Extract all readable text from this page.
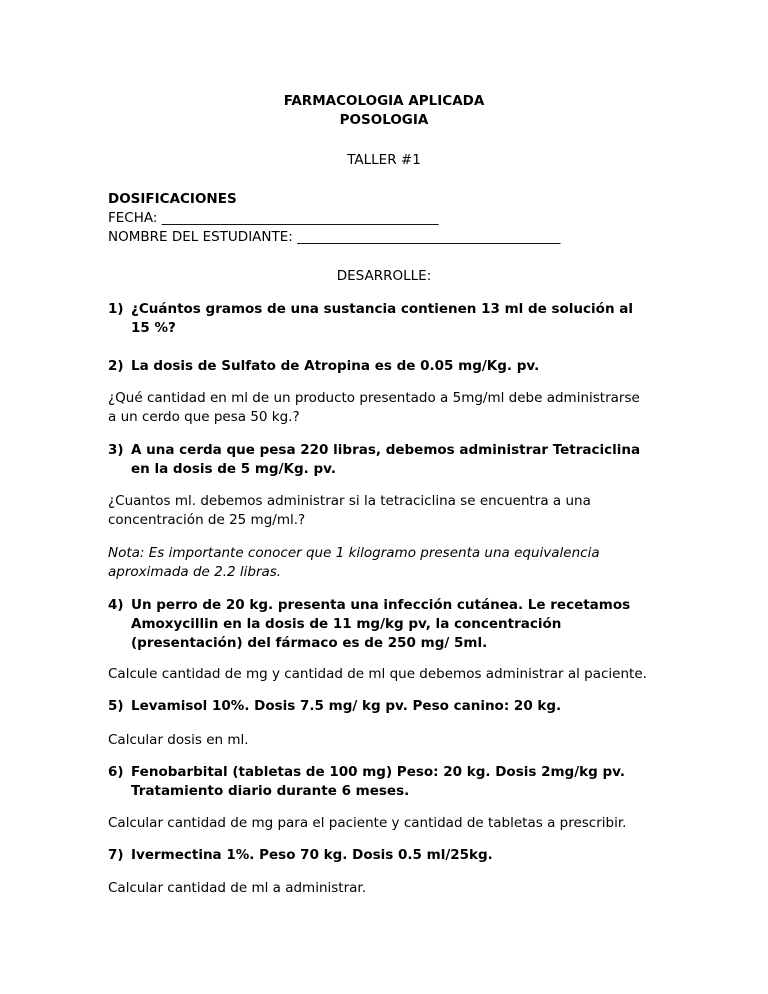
FARMACOLOGIA APLICADA
POSOLOGIA
TALLER #1
DOSIFICACIONES
FECHA: _________________________________________
NOMBRE DEL ESTUDIANTE: _______________________________________
DESARROLLE:
1) ¿Cuántos gramos de una sustancia contienen 13 ml de solución al
15 %?
2) La dosis de Sulfato de Atropina es de 0.05 mg/Kg. pv.
¿Qué cantidad en ml de un producto presentado a 5mg/ml debe administrarse
a un cerdo que pesa 50 kg.?
3) A una cerda que pesa 220 libras, debemos administrar Tetraciclina
en la dosis de 5 mg/Kg. pv.
¿Cuantos ml. debemos administrar si la tetraciclina se encuentra a una
concentración de 25 mg/ml.?
Nota: Es importante conocer que 1 kilogramo presenta una equivalencia
aproximada de 2.2 libras.
4) Un perro de 20 kg. presenta una infección cutánea. Le recetamos
Amoxycillin en la dosis de 11 mg/kg pv, la concentración
(presentación) del fármaco es de 250 mg/ 5ml.
Calcule cantidad de mg y cantidad de ml que debemos administrar al paciente.
5) Levamisol 10%. Dosis 7.5 mg/ kg pv. Peso canino: 20 kg.
Calcular dosis en ml.
6) Fenobarbital (tabletas de 100 mg) Peso: 20 kg. Dosis 2mg/kg pv.
Tratamiento diario durante 6 meses.
Calcular cantidad de mg para el paciente y cantidad de tabletas a prescribir.
7) Ivermectina 1%. Peso 70 kg. Dosis 0.5 ml/25kg.
Calcular cantidad de ml a administrar.
